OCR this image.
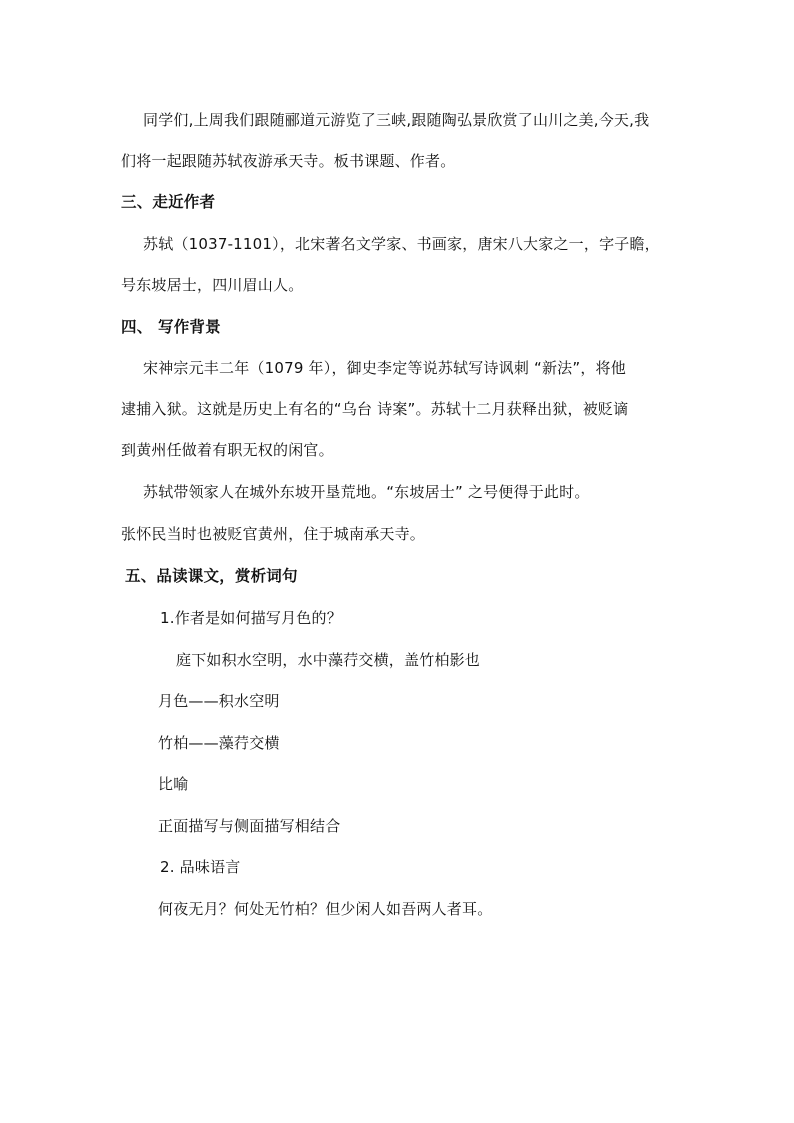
同学们,上周我们跟随郦道元游览了三峡,跟随陶弘景欣赏了山川之美,今天,我
们将一起跟随苏轼夜游承天寺。板书课题、作者。
三、走近作者
苏轼（1037-1101），北宋著名文学家、书画家，唐宋八大家之一，字子瞻，
号东坡居士，四川眉山人。
四、 写作背景
宋神宗元丰二年（1079 年），御史李定等说苏轼写诗讽刺 “新法”，将他
逮捕入狱。这就是历史上有名的“乌台 诗案”。苏轼十二月获释出狱，被贬谪
到黄州任做着有职无权的闲官。
苏轼带领家人在城外东坡开垦荒地。“东坡居士” 之号便得于此时。
张怀民当时也被贬官黄州，住于城南承天寺。
五、品读课文，赏析词句
1.作者是如何描写月色的？
庭下如积水空明，水中藻荇交横，盖竹柏影也
月色——积水空明
竹柏——藻荇交横
比喻
正面描写与侧面描写相结合
2. 品味语言
何夜无月？何处无竹柏？但少闲人如吾两人者耳。
